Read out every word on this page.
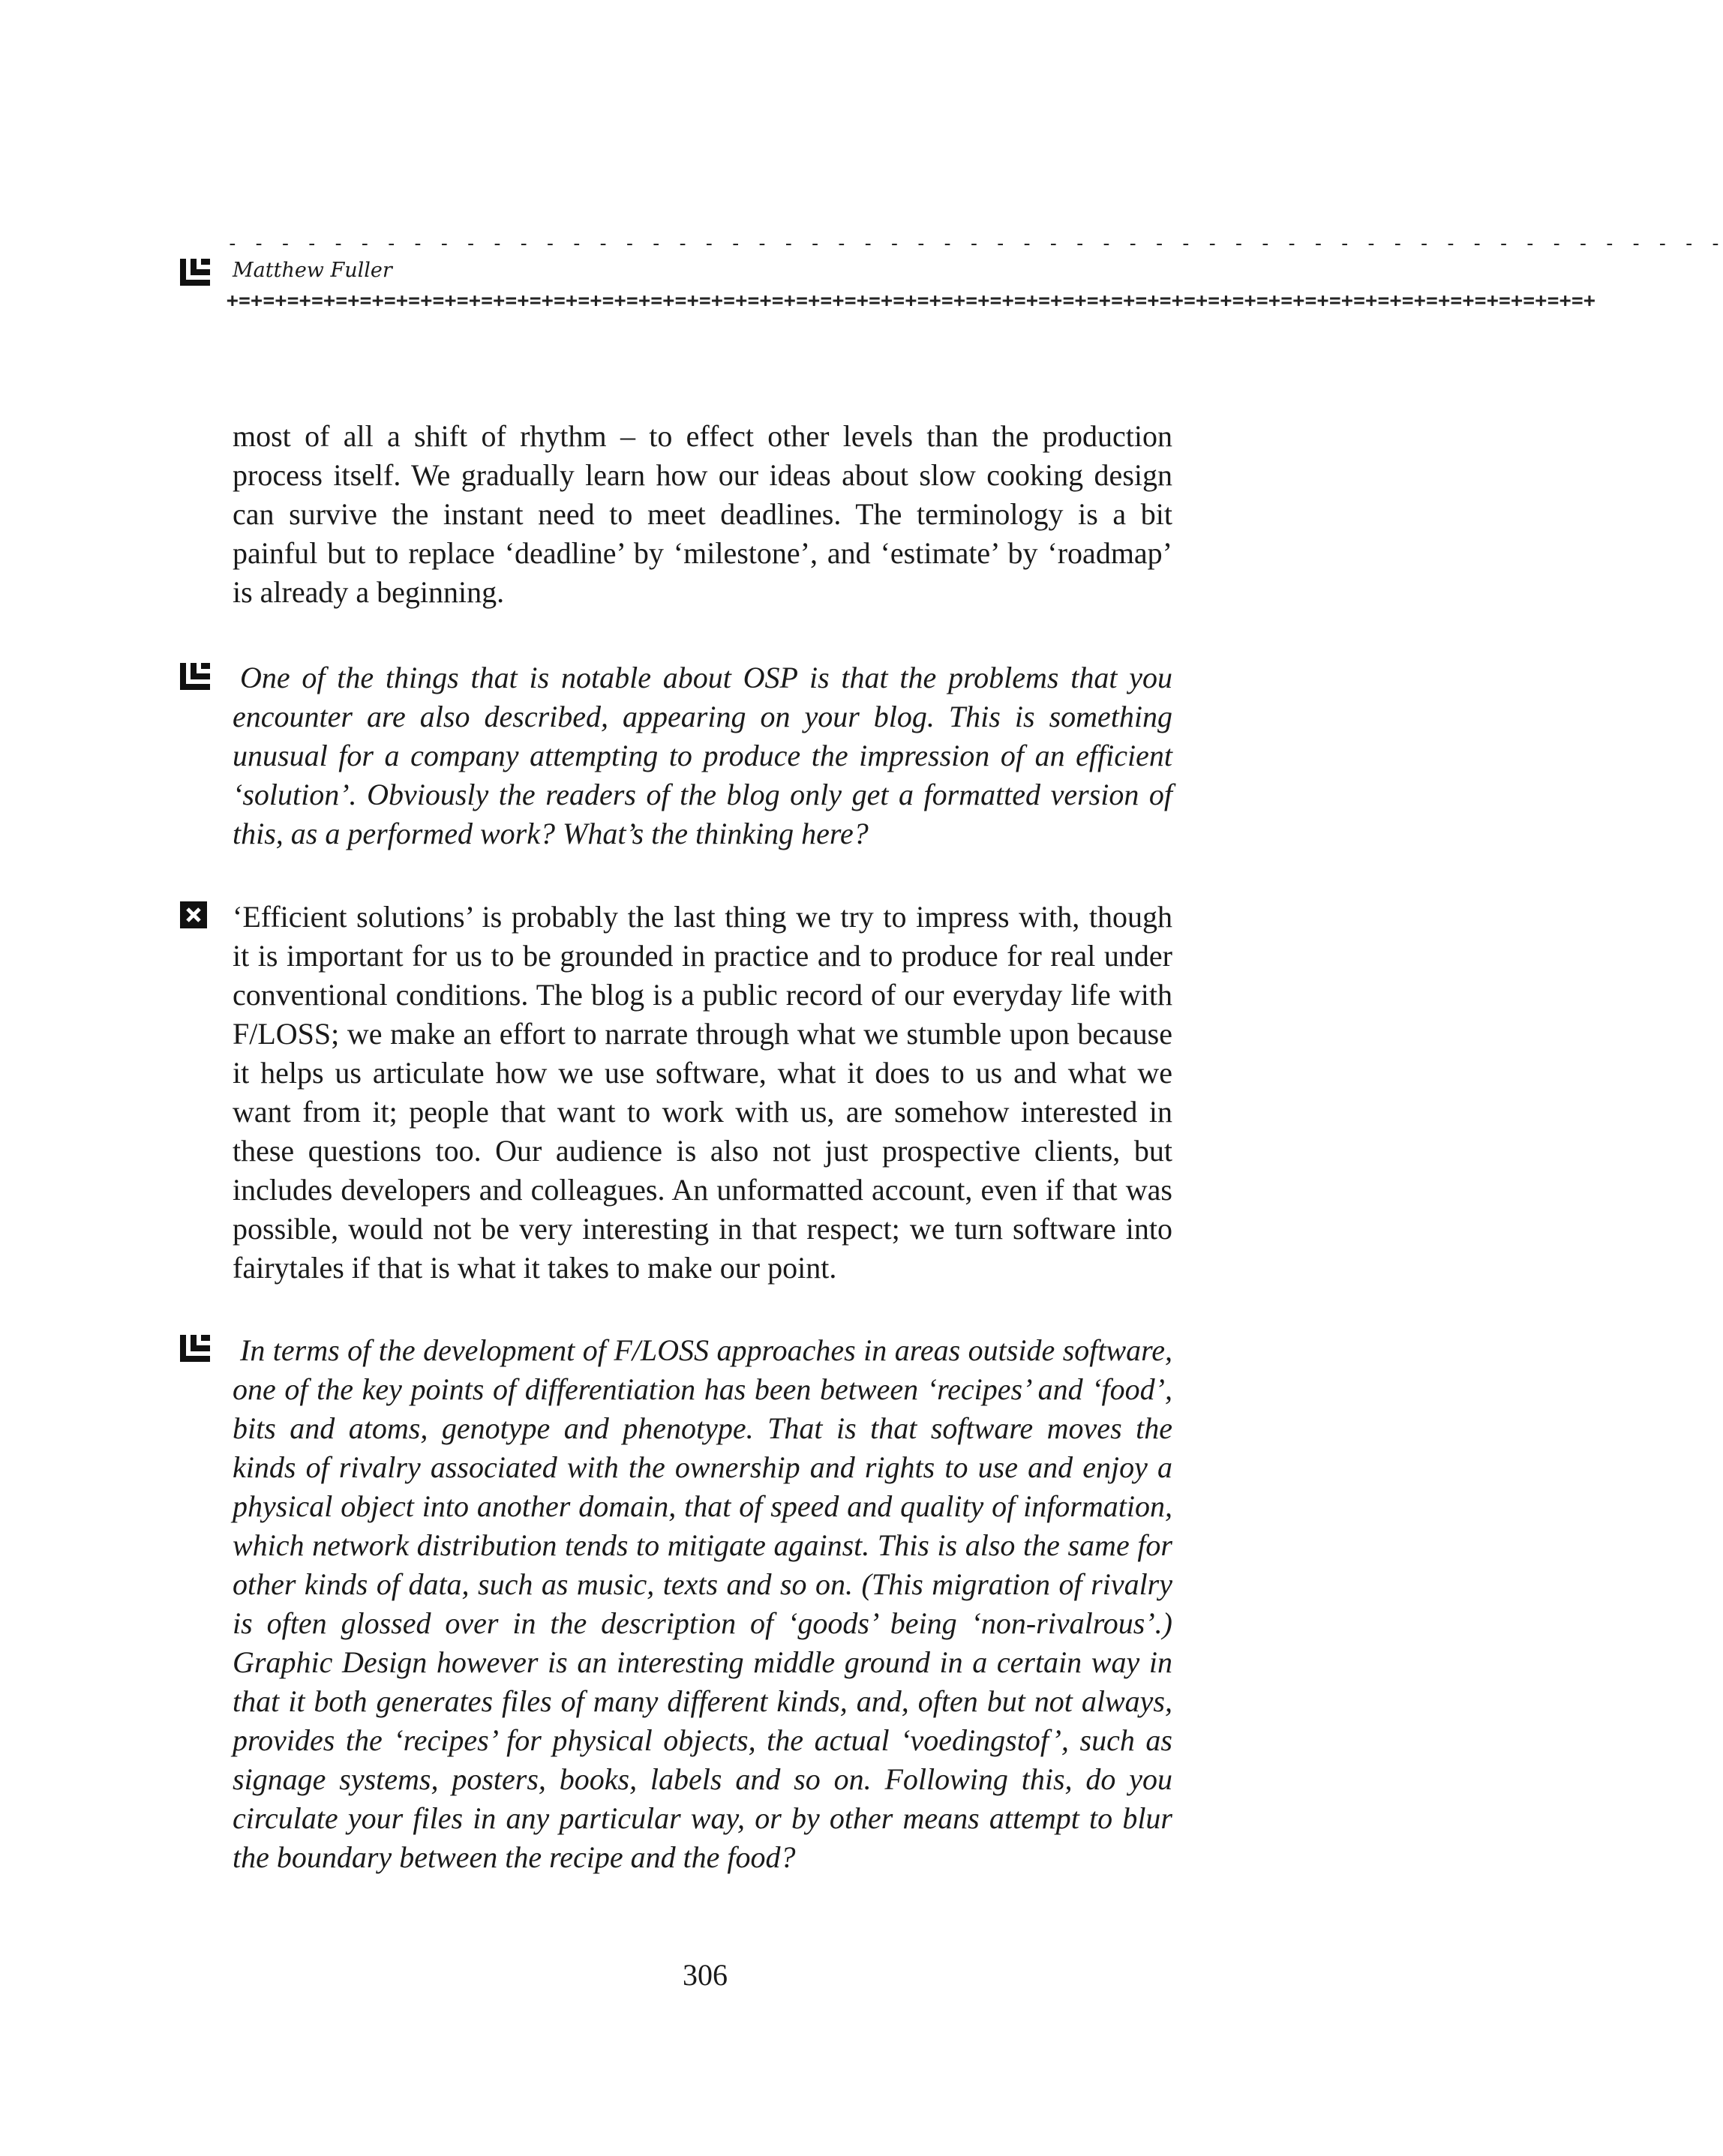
- - - - - - - - - - - - - - - - - - - - - - - - - - - - - - - - - - - - - - - - - - - - - - - - - - - - - - - - -
Matthew Fuller
+=+=+=+=+=+=+=+=+=+=+=+=+=+=+=+=+=+=+=+=+=+=+=+=+=+=+=+=+=+=+=+=+=+=+=+=+=+=+=+=+=+=+=+=+=+=+=+=+=+=+=+=+=+=+=+=+

most of all a shift of rhythm – to effect other levels than the production process itself. We gradually learn how our ideas about slow cooking design can survive the instant need to meet deadlines. The terminology is a bit painful but to replace ‘deadline’ by ‘milestone’, and ‘estimate’ by ‘roadmap’ is already a beginning.

One of the things that is notable about OSP is that the problems that you encounter are also described, appearing on your blog. This is something unusual for a company attempting to produce the impression of an efficient ‘solution’. Obviously the readers of the blog only get a formatted version of this, as a performed work? What’s the thinking here?

‘Efficient solutions’ is probably the last thing we try to impress with, though it is important for us to be grounded in practice and to produce for real under conventional conditions. The blog is a public record of our everyday life with F/LOSS; we make an effort to narrate through what we stumble upon because it helps us articulate how we use software, what it does to us and what we want from it; people that want to work with us, are somehow interested in these questions too. Our audience is also not just prospective clients, but includes developers and colleagues. An unformatted account, even if that was possible, would not be very interesting in that respect; we turn software into fairytales if that is what it takes to make our point.

In terms of the development of F/LOSS approaches in areas outside software, one of the key points of differentiation has been between ‘recipes’ and ‘food’, bits and atoms, genotype and phenotype. That is that software moves the kinds of rivalry associated with the ownership and rights to use and enjoy a physical object into another domain, that of speed and quality of information, which network distribution tends to mitigate against. This is also the same for other kinds of data, such as music, texts and so on. (This migration of rivalry is often glossed over in the description of ‘goods’ being ‘non-rivalrous’.) Graphic Design however is an interesting middle ground in a certain way in that it both generates files of many different kinds, and, often but not always, provides the ‘recipes’ for physical objects, the actual ‘voedingstof’, such as signage systems, posters, books, labels and so on. Following this, do you circulate your files in any particular way, or by other means attempt to blur the boundary between the recipe and the food?

306
